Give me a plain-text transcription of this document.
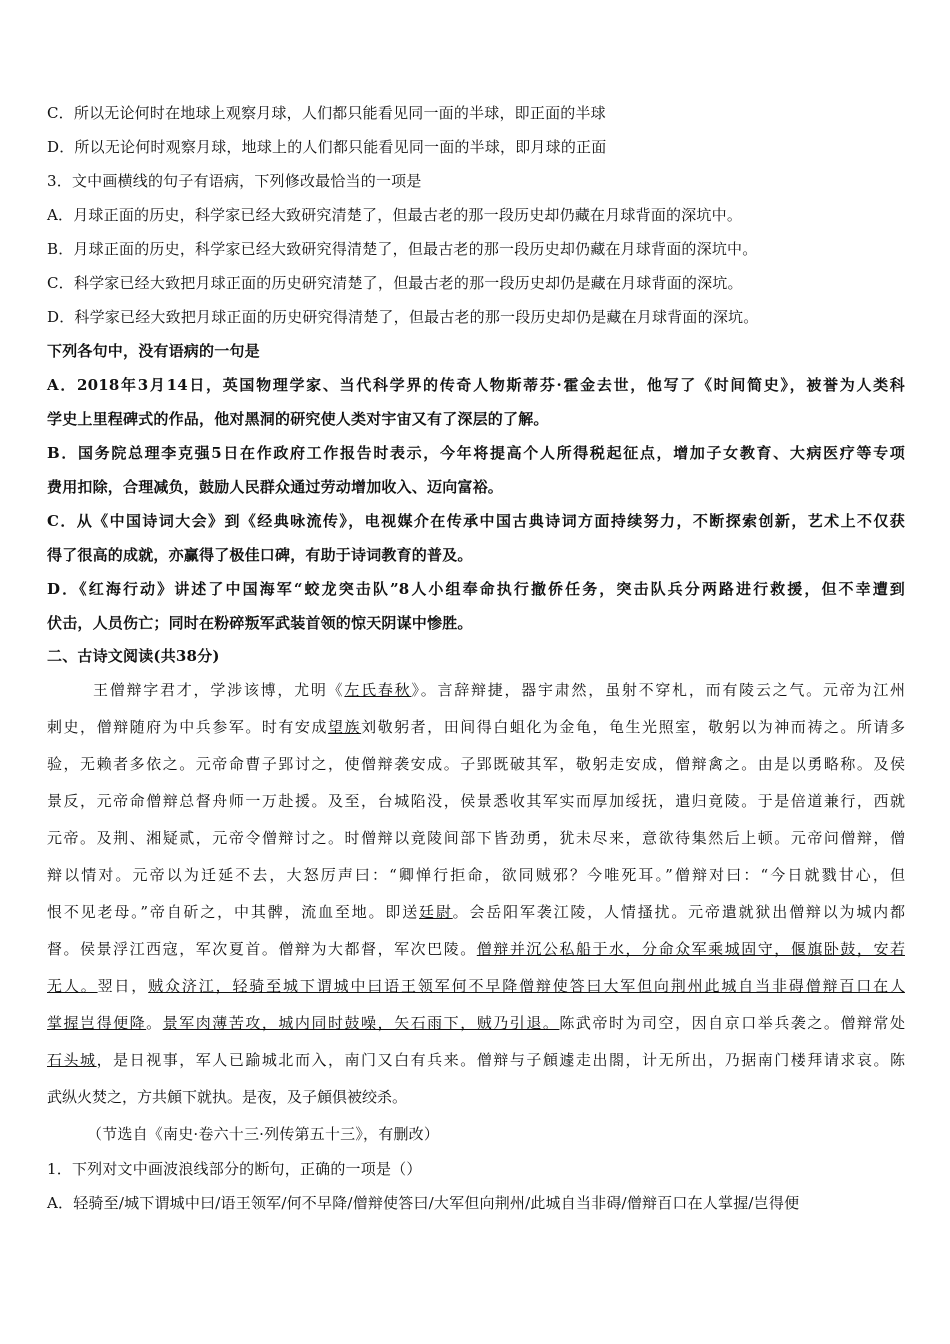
C．所以无论何时在地球上观察月球，人们都只能看见同一面的半球，即正面的半球
D．所以无论何时观察月球，地球上的人们都只能看见同一面的半球，即月球的正面
3．文中画横线的句子有语病，下列修改最恰当的一项是
A．月球正面的历史，科学家已经大致研究清楚了，但最古老的那一段历史却仍藏在月球背面的深坑中。
B．月球正面的历史，科学家已经大致研究得清楚了，但最古老的那一段历史却仍藏在月球背面的深坑中。
C．科学家已经大致把月球正面的历史研究清楚了，但最古老的那一段历史却仍是藏在月球背面的深坑。
D．科学家已经大致把月球正面的历史研究得清楚了，但最古老的那一段历史却仍是藏在月球背面的深坑。
下列各句中，没有语病的一句是
A．2018年3月14日，英国物理学家、当代科学界的传奇人物斯蒂芬·霍金去世，他写了《时间简史》，被誉为人类科
学史上里程碑式的作品，他对黑洞的研究使人类对宇宙又有了深层的了解。
B．国务院总理李克强5日在作政府工作报告时表示，今年将提高个人所得税起征点，增加子女教育、大病医疗等专项
费用扣除，合理减负，鼓励人民群众通过劳动增加收入、迈向富裕。
C．从《中国诗词大会》到《经典咏流传》，电视媒介在传承中国古典诗词方面持续努力，不断探索创新，艺术上不仅获
得了很高的成就，亦赢得了极佳口碑，有助于诗词教育的普及。
D．《红海行动》讲述了中国海军“蛟龙突击队”8人小组奉命执行撤侨任务，突击队兵分两路进行救援，但不幸遭到
伏击，人员伤亡；同时在粉碎叛军武装首领的惊天阴谋中惨胜。
二、古诗文阅读(共38分)
王僧辩字君才，学涉该博，尤明《左氏春秋》。言辞辩捷，器宇肃然，虽射不穿札，而有陵云之气。元帝为江州
刺史，僧辩随府为中兵参军。时有安成望族刘敬躬者，田间得白蛆化为金龟，龟生光照室，敬躬以为神而祷之。所请多
验，无赖者多依之。元帝命曹子郢讨之，使僧辩袭安成。子郢既破其军，敬躬走安成，僧辩禽之。由是以勇略称。及侯
景反，元帝命僧辩总督舟师一万赴援。及至，台城陷没，侯景悉收其军实而厚加绥抚，遣归竟陵。于是倍道兼行，西就
元帝。及荆、湘疑贰，元帝令僧辩讨之。时僧辩以竟陵间部下皆劲勇，犹未尽来，意欲待集然后上顿。元帝问僧辩，僧
辩以情对。元帝以为迁延不去，大怒厉声曰：“卿惮行拒命，欲同贼邪？今唯死耳。”僧辩对曰：“今日就戮甘心，但
恨不见老母。”帝自斫之，中其髀，流血至地。即送廷尉。会岳阳军袭江陵，人情搔扰。元帝遣就狱出僧辩以为城内都
督。侯景浮江西寇，军次夏首。僧辩为大都督，军次巴陵。僧辩并沉公私船于水，分命众军乘城固守，偃旗卧鼓，安若
无人。翌日，贼众济江，轻骑至城下谓城中曰语王领军何不早降僧辩使答曰大军但向荆州此城自当非碍僧辩百口在人
掌握岂得便降。景军肉薄苦攻，城内同时鼓噪，矢石雨下，贼乃引退。陈武帝时为司空，因自京口举兵袭之。僧辩常处
石头城，是日视事，军人已踰城北而入，南门又白有兵来。僧辩与子頠遽走出閤，计无所出，乃据南门楼拜请求哀。陈
武纵火焚之，方共頠下就执。是夜，及子頠俱被绞杀。
（节选自《南史·卷六十三·列传第五十三》，有删改）
1．下列对文中画波浪线部分的断句，正确的一项是（）
A．轻骑至/城下谓城中曰/语王领军/何不早降/僧辩使答曰/大军但向荆州/此城自当非碍/僧辩百口在人掌握/岂得便
